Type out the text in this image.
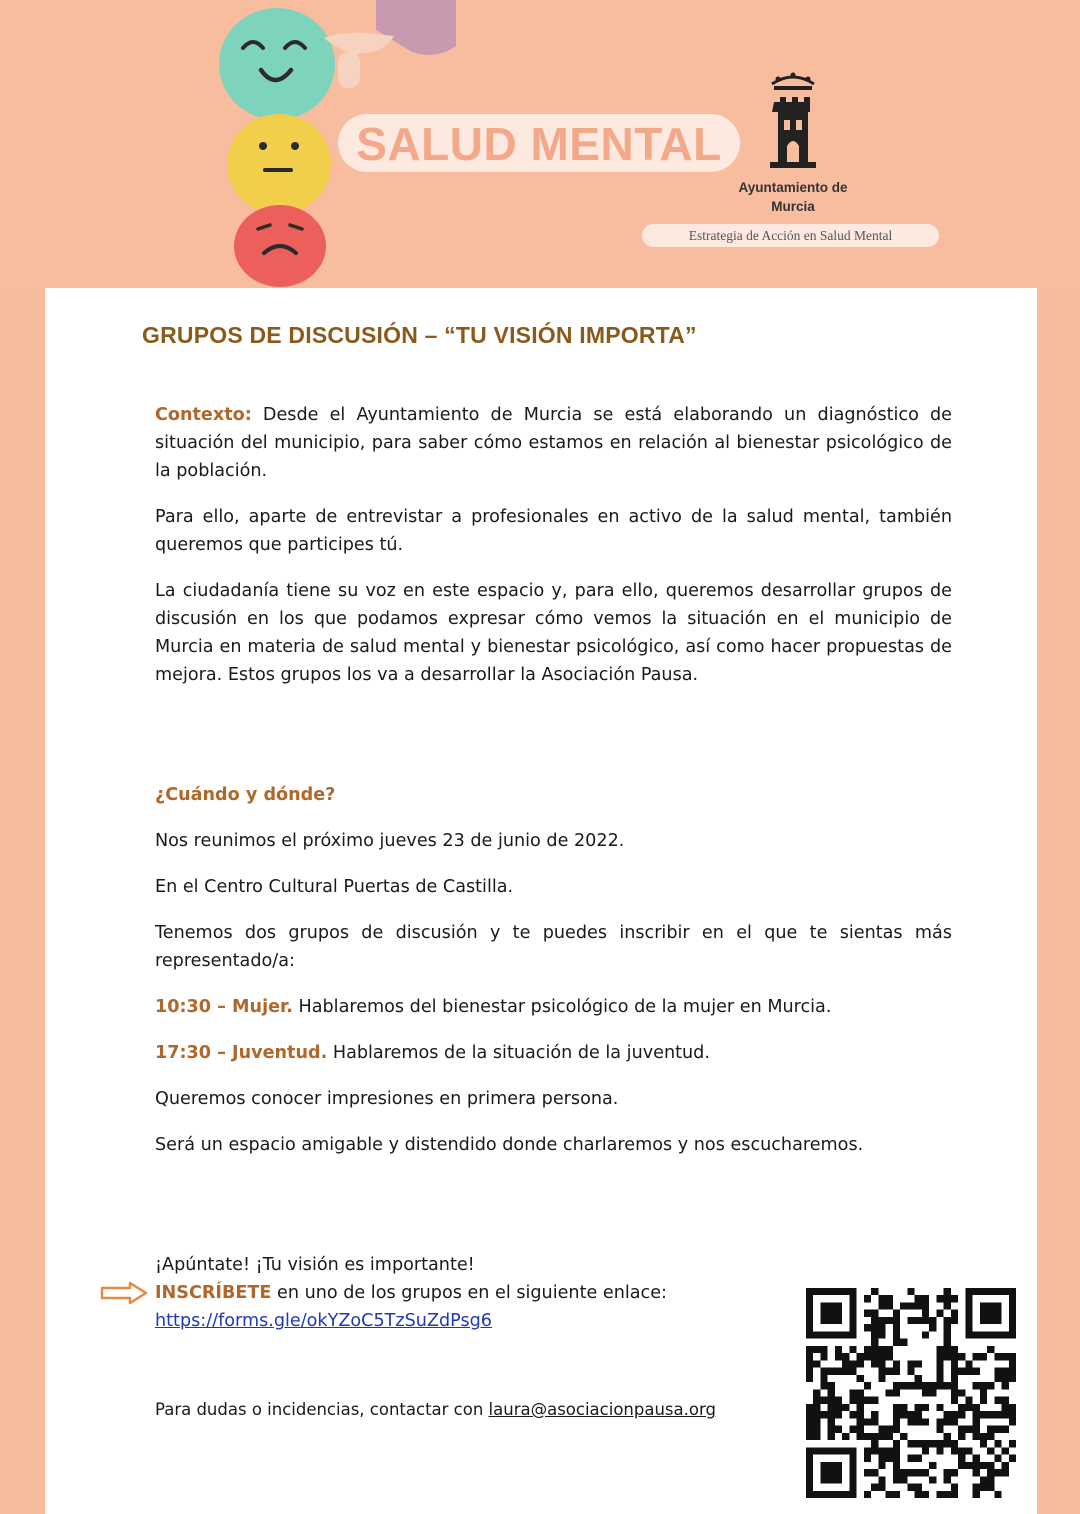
SALUD MENTAL
Ayuntamiento de Murcia
Estrategia de Acción en Salud Mental
GRUPOS DE DISCUSIÓN – “TU VISIÓN IMPORTA”

Contexto: Desde el Ayuntamiento de Murcia se está elaborando un diagnóstico de situación del municipio, para saber cómo estamos en relación al bienestar psicológico de la población.

Para ello, aparte de entrevistar a profesionales en activo de la salud mental, también queremos que participes tú.

La ciudadanía tiene su voz en este espacio y, para ello, queremos desarrollar grupos de discusión en los que podamos expresar cómo vemos la situación en el municipio de Murcia en materia de salud mental y bienestar psicológico, así como hacer propuestas de mejora. Estos grupos los va a desarrollar la Asociación Pausa.

¿Cuándo y dónde?

Nos reunimos el próximo jueves 23 de junio de 2022.

En el Centro Cultural Puertas de Castilla.

Tenemos dos grupos de discusión y te puedes inscribir en el que te sientas más representado/a:

10:30 – Mujer. Hablaremos del bienestar psicológico de la mujer en Murcia.

17:30 – Juventud. Hablaremos de la situación de la juventud.

Queremos conocer impresiones en primera persona.

Será un espacio amigable y distendido donde charlaremos y nos escucharemos.

¡Apúntate! ¡Tu visión es importante!

INSCRÍBETE en uno de los grupos en el siguiente enlace:

https://forms.gle/okYZoC5TzSuZdPsg6

Para dudas o incidencias, contactar con laura@asociacionpausa.org
